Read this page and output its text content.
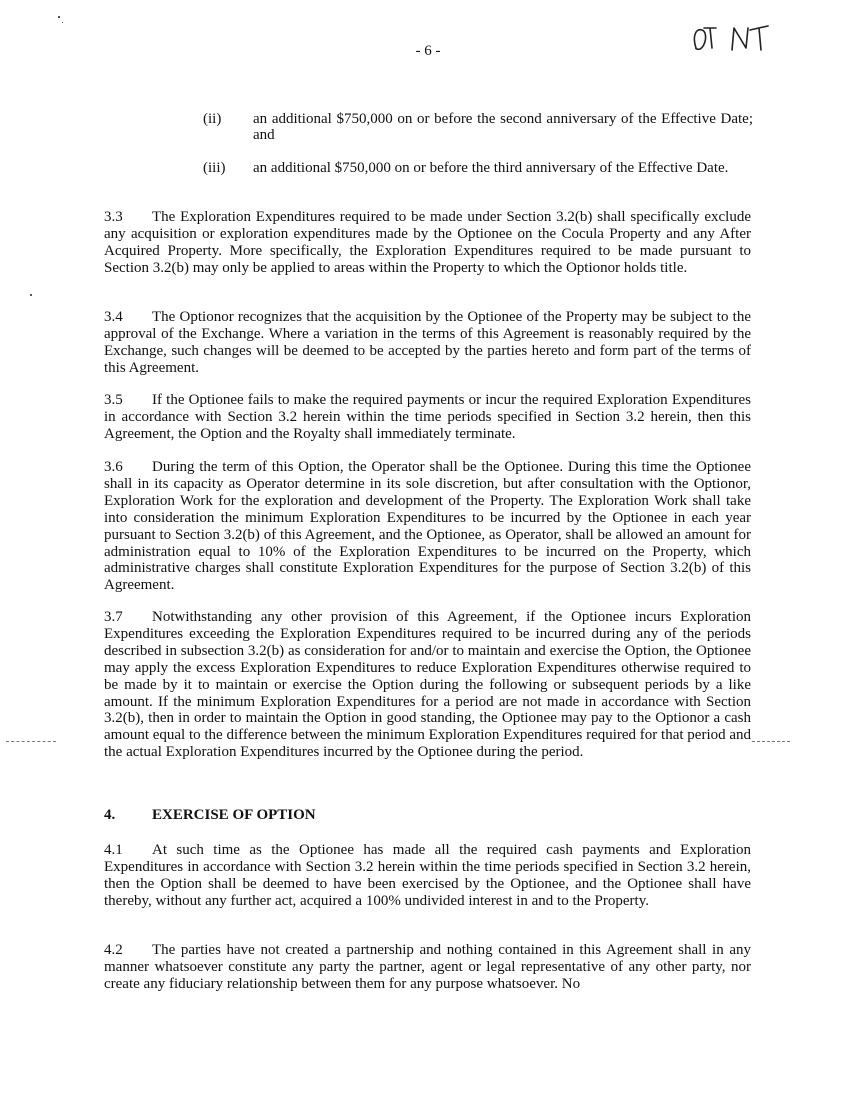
- 6 -
(ii) an additional $750,000 on or before the second anniversary of the Effective Date; and
(iii) an additional $750,000 on or before the third anniversary of the Effective Date.

3.3 The Exploration Expenditures required to be made under Section 3.2(b) shall specifically exclude any acquisition or exploration expenditures made by the Optionee on the Cocula Property and any After Acquired Property. More specifically, the Exploration Expenditures required to be made pursuant to Section 3.2(b) may only be applied to areas within the Property to which the Optionor holds title.

3.4 The Optionor recognizes that the acquisition by the Optionee of the Property may be subject to the approval of the Exchange. Where a variation in the terms of this Agreement is reasonably required by the Exchange, such changes will be deemed to be accepted by the parties hereto and form part of the terms of this Agreement.

3.5 If the Optionee fails to make the required payments or incur the required Exploration Expenditures in accordance with Section 3.2 herein within the time periods specified in Section 3.2 herein, then this Agreement, the Option and the Royalty shall immediately terminate.

3.6 During the term of this Option, the Operator shall be the Optionee. During this time the Optionee shall in its capacity as Operator determine in its sole discretion, but after consultation with the Optionor, Exploration Work for the exploration and development of the Property. The Exploration Work shall take into consideration the minimum Exploration Expenditures to be incurred by the Optionee in each year pursuant to Section 3.2(b) of this Agreement, and the Optionee, as Operator, shall be allowed an amount for administration equal to 10% of the Exploration Expenditures to be incurred on the Property, which administrative charges shall constitute Exploration Expenditures for the purpose of Section 3.2(b) of this Agreement.

3.7 Notwithstanding any other provision of this Agreement, if the Optionee incurs Exploration Expenditures exceeding the Exploration Expenditures required to be incurred during any of the periods described in subsection 3.2(b) as consideration for and/or to maintain and exercise the Option, the Optionee may apply the excess Exploration Expenditures to reduce Exploration Expenditures otherwise required to be made by it to maintain or exercise the Option during the following or subsequent periods by a like amount. If the minimum Exploration Expenditures for a period are not made in accordance with Section 3.2(b), then in order to maintain the Option in good standing, the Optionee may pay to the Optionor a cash amount equal to the difference between the minimum Exploration Expenditures required for that period and the actual Exploration Expenditures incurred by the Optionee during the period.

4. EXERCISE OF OPTION

4.1 At such time as the Optionee has made all the required cash payments and Exploration Expenditures in accordance with Section 3.2 herein within the time periods specified in Section 3.2 herein, then the Option shall be deemed to have been exercised by the Optionee, and the Optionee shall have thereby, without any further act, acquired a 100% undivided interest in and to the Property.

4.2 The parties have not created a partnership and nothing contained in this Agreement shall in any manner whatsoever constitute any party the partner, agent or legal representative of any other party, nor create any fiduciary relationship between them for any purpose whatsoever. No
